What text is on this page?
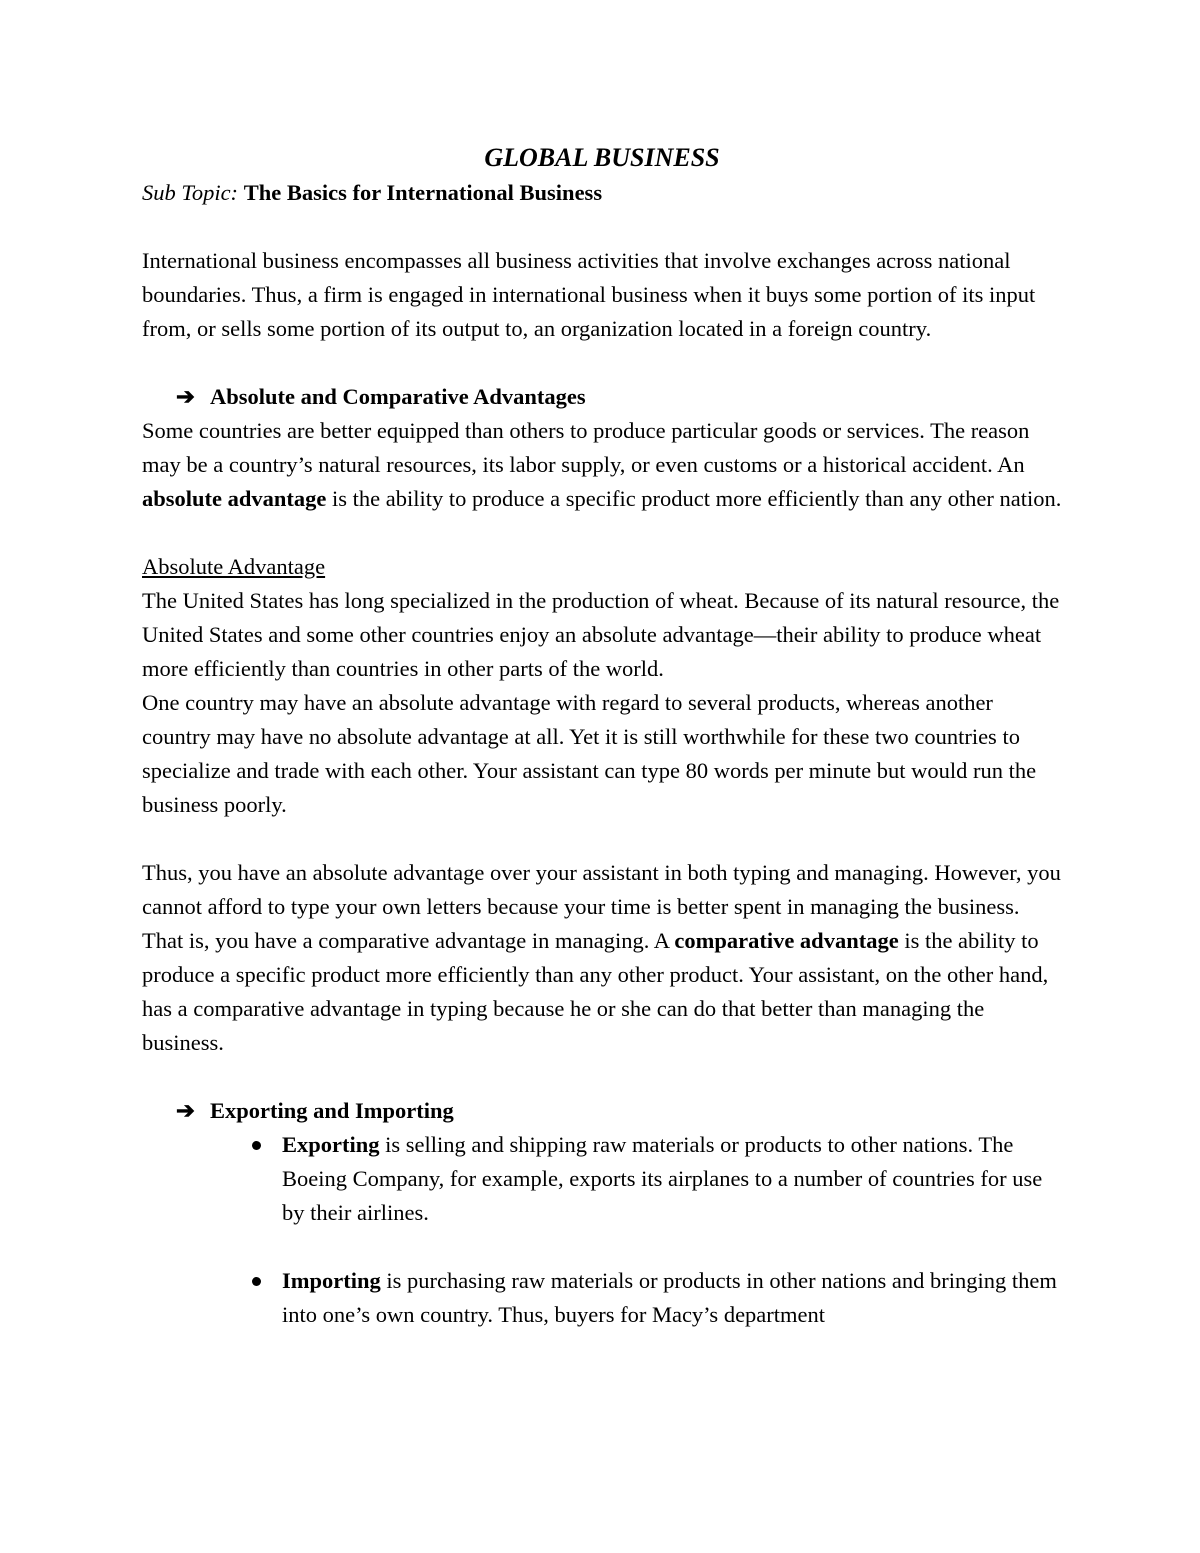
GLOBAL BUSINESS

Sub Topic: The Basics for International Business

International business encompasses all business activities that involve exchanges across national boundaries. Thus, a firm is engaged in international business when it buys some portion of its input from, or sells some portion of its output to, an organization located in a foreign country.

➔ Absolute and Comparative Advantages

Some countries are better equipped than others to produce particular goods or services. The reason may be a country’s natural resources, its labor supply, or even customs or a historical accident. An absolute advantage is the ability to produce a specific product more efficiently than any other nation.

Absolute Advantage

The United States has long specialized in the production of wheat. Because of its natural resource, the United States and some other countries enjoy an absolute advantage—their ability to produce wheat more efficiently than countries in other parts of the world.

One country may have an absolute advantage with regard to several products, whereas another country may have no absolute advantage at all. Yet it is still worthwhile for these two countries to specialize and trade with each other. Your assistant can type 80 words per minute but would run the business poorly.

Thus, you have an absolute advantage over your assistant in both typing and managing. However, you cannot afford to type your own letters because your time is better spent in managing the business. That is, you have a comparative advantage in managing. A comparative advantage is the ability to produce a specific product more efficiently than any other product. Your assistant, on the other hand, has a comparative advantage in typing because he or she can do that better than managing the business.

➔ Exporting and Importing

Exporting is selling and shipping raw materials or products to other nations. The Boeing Company, for example, exports its airplanes to a number of countries for use by their airlines.

Importing is purchasing raw materials or products in other nations and bringing them into one’s own country. Thus, buyers for Macy’s department
